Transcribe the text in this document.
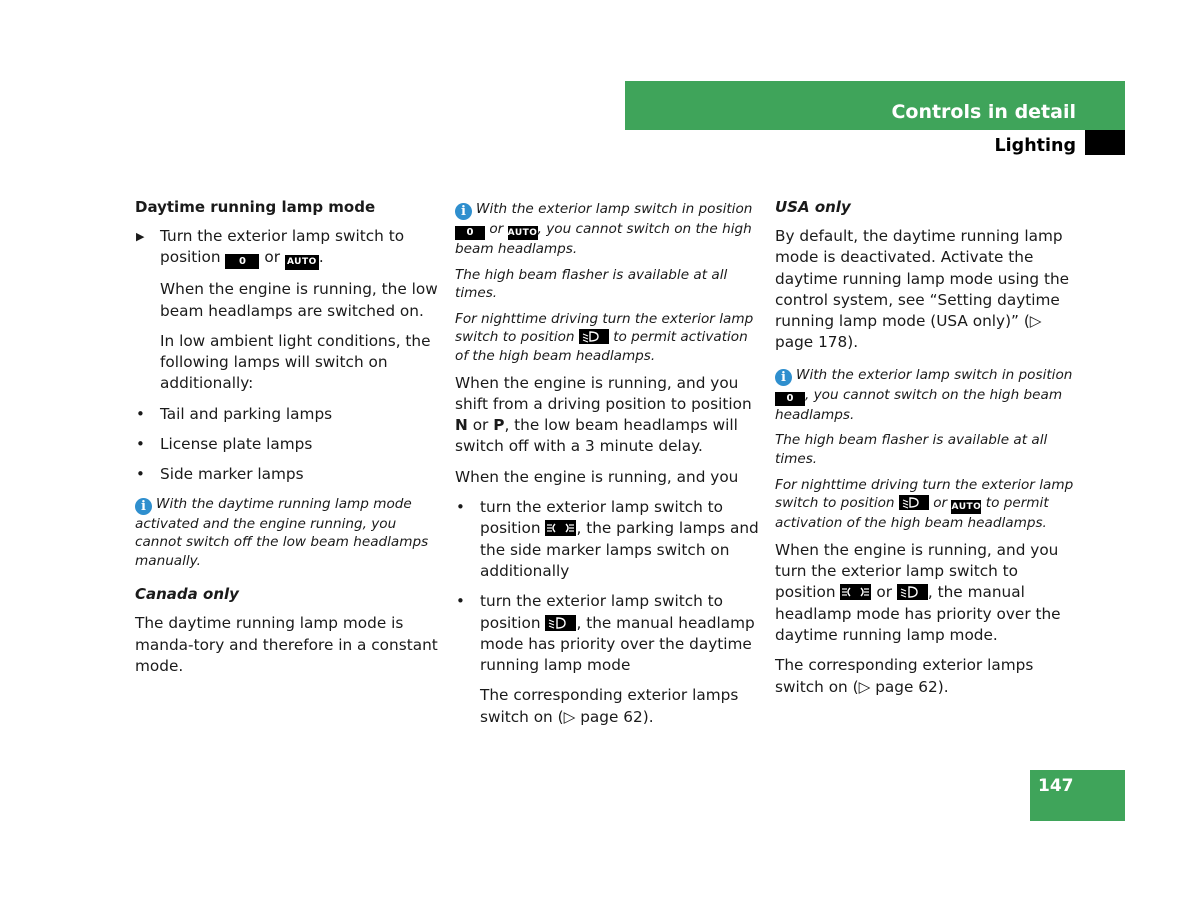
Controls in detail
Lighting

Daytime running lamp mode

▶ Turn the exterior lamp switch to position 0 or AUTO .

When the engine is running, the low beam headlamps are switched on.

In low ambient light conditions, the following lamps will switch on additionally:

• Tail and parking lamps

• License plate lamps

• Side marker lamps

i With the daytime running lamp mode activated and the engine running, you cannot switch off the low beam headlamps manually.

Canada only

The daytime running lamp mode is manda-tory and therefore in a constant mode.

i With the exterior lamp switch in position 0 or AUTO, you cannot switch on the high beam headlamps.

The high beam flasher is available at all times.

For nighttime driving turn the exterior lamp switch to position	to permit activation of the high beam headlamps.

When the engine is running, and you shift from a driving position to position N or P, the low beam headlamps will switch off with a 3 minute delay.

When the engine is running, and you

• turn the exterior lamp switch to position , the parking lamps and the side marker lamps switch on additionally

• turn the exterior lamp switch to position , the manual headlamp mode has priority over the daytime running lamp mode

The corresponding exterior lamps switch on (▷ page 62).

USA only

By default, the daytime running lamp mode is deactivated. Activate the daytime running lamp mode using the control system, see “Setting daytime running lamp mode (USA only)” (▷ page 178).

i With the exterior lamp switch in position 0 , you cannot switch on the high beam headlamps.

The high beam flasher is available at all times.

For nighttime driving turn the exterior lamp switch to position	or AUTO to permit activation of the high beam headlamps.

When the engine is running, and you turn the exterior lamp switch to position	or , the manual headlamp mode has priority over the daytime running lamp mode.

The corresponding exterior lamps switch on (▷ page 62).

147
